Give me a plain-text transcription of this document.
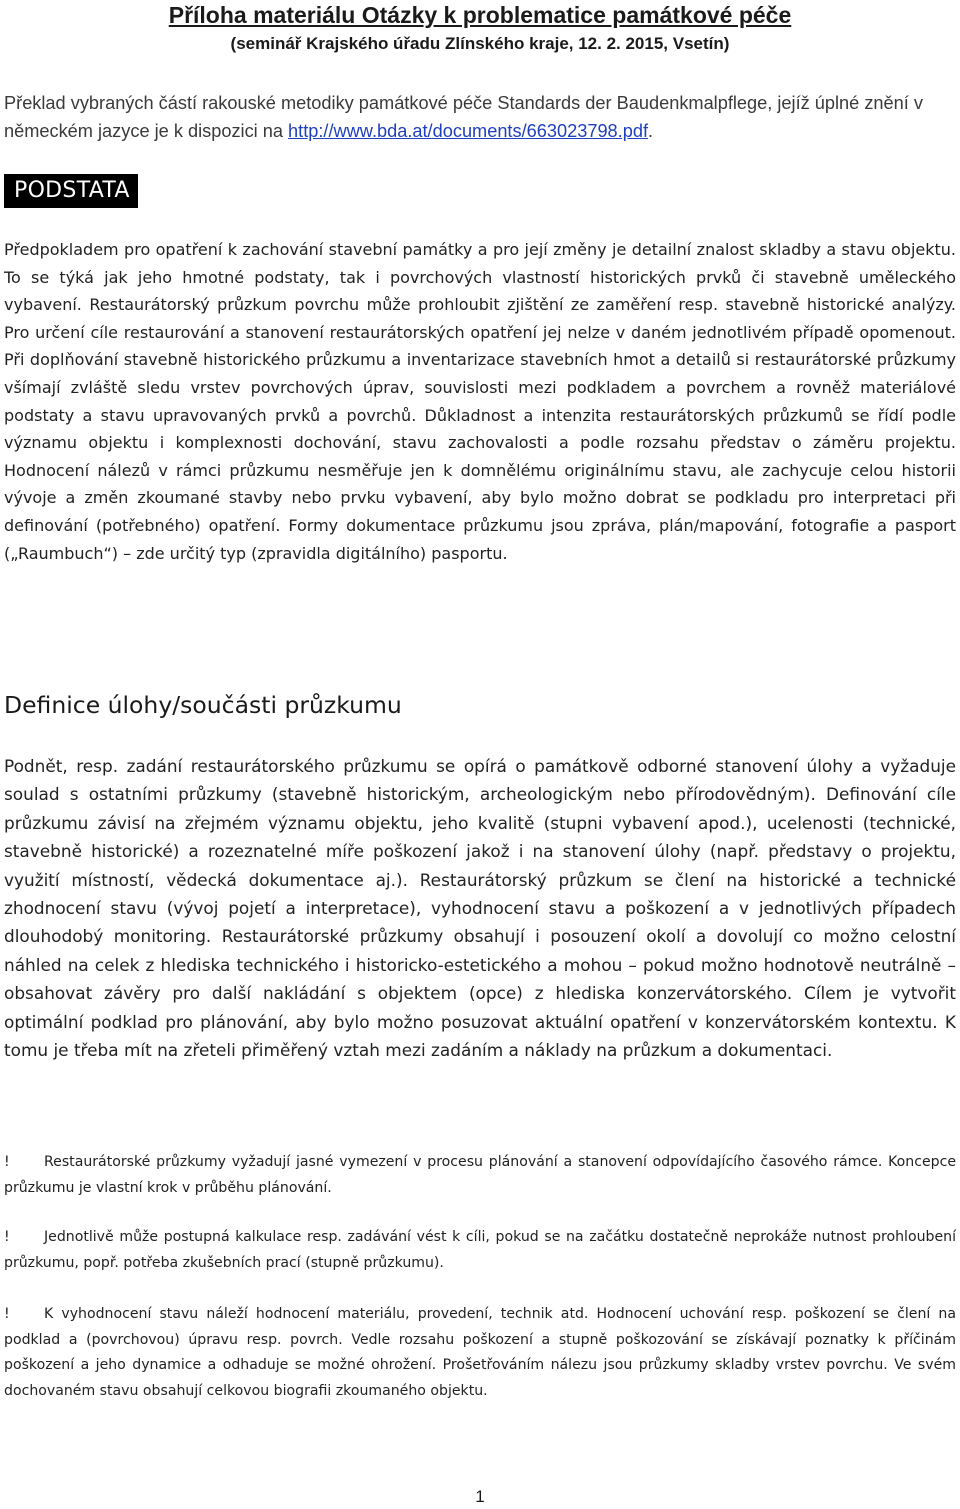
Příloha materiálu Otázky k problematice památkové péče

(seminář Krajského úřadu Zlínského kraje, 12. 2. 2015, Vsetín)

Překlad vybraných částí rakouské metodiky památkové péče Standards der Baudenkmalpflege, jejíž úplné znění v německém jazyce je k dispozici na http://www.bda.at/documents/663023798.pdf.

PODSTATA

Předpokladem pro opatření k zachování stavební památky a pro její změny je detailní znalost skladby a stavu objektu. To se týká jak jeho hmotné podstaty, tak i povrchových vlastností historických prvků či stavebně uměleckého vybavení. Restaurátorský průzkum povrchu může prohloubit zjištění ze zaměření resp. stavebně historické analýzy. Pro určení cíle restaurování a stanovení restaurátorských opatření jej nelze v daném jednotlivém případě opomenout. Při doplňování stavebně historického průzkumu a inventarizace stavebních hmot a detailů si restaurátorské průzkumy všímají zvláště sledu vrstev povrchových úprav, souvislosti mezi podkladem a povrchem a rovněž materiálové podstaty a stavu upravovaných prvků a povrchů. Důkladnost a intenzita restaurátorských průzkumů se řídí podle významu objektu i komplexnosti dochování, stavu zachovalosti a podle rozsahu představ o záměru projektu. Hodnocení nálezů v rámci průzkumu nesměřuje jen k domnělému originálnímu stavu, ale zachycuje celou historii vývoje a změn zkoumané stavby nebo prvku vybavení, aby bylo možno dobrat se podkladu pro interpretaci při definování (potřebného) opatření. Formy dokumentace průzkumu jsou zpráva, plán/mapování, fotografie a pasport („Raumbuch“) – zde určitý typ (zpravidla digitálního) pasportu.

Definice úlohy/součásti průzkumu

Podnět, resp. zadání restaurátorského průzkumu se opírá o památkově odborné stanovení úlohy a vyžaduje soulad s ostatními průzkumy (stavebně historickým, archeologickým nebo přírodovědným). Definování cíle průzkumu závisí na zřejmém významu objektu, jeho kvalitě (stupni vybavení apod.), ucelenosti (technické, stavebně historické) a rozeznatelné míře poškození jakož i na stanovení úlohy (např. představy o projektu, využití místností, vědecká dokumentace aj.). Restaurátorský průzkum se člení na historické a technické zhodnocení stavu (vývoj pojetí a interpretace), vyhodnocení stavu a poškození a v jednotlivých případech dlouhodobý monitoring. Restaurátorské průzkumy obsahují i posouzení okolí a dovolují co možno celostní náhled na celek z hlediska technického i historicko-estetického a mohou – pokud možno hodnotově neutrálně – obsahovat závěry pro další nakládání s objektem (opce) z hlediska konzervátorského. Cílem je vytvořit optimální podklad pro plánování, aby bylo možno posuzovat aktuální opatření v konzervátorském kontextu. K tomu je třeba mít na zřeteli přiměřený vztah mezi zadáním a náklady na průzkum a dokumentaci.

! Restaurátorské průzkumy vyžadují jasné vymezení v procesu plánování a stanovení odpovídajícího časového rámce. Koncepce průzkumu je vlastní krok v průběhu plánování.

! Jednotlivě může postupná kalkulace resp. zadávání vést k cíli, pokud se na začátku dostatečně neprokáže nutnost prohloubení průzkumu, popř. potřeba zkušebních prací (stupně průzkumu).

! K vyhodnocení stavu náleží hodnocení materiálu, provedení, technik atd. Hodnocení uchování resp. poškození se člení na podklad a (povrchovou) úpravu resp. povrch. Vedle rozsahu poškození a stupně poškozování se získávají poznatky k příčinám poškození a jeho dynamice a odhaduje se možné ohrožení. Prošetřováním nálezu jsou průzkumy skladby vrstev povrchu. Ve svém dochovaném stavu obsahují celkovou biografii zkoumaného objektu.

1
